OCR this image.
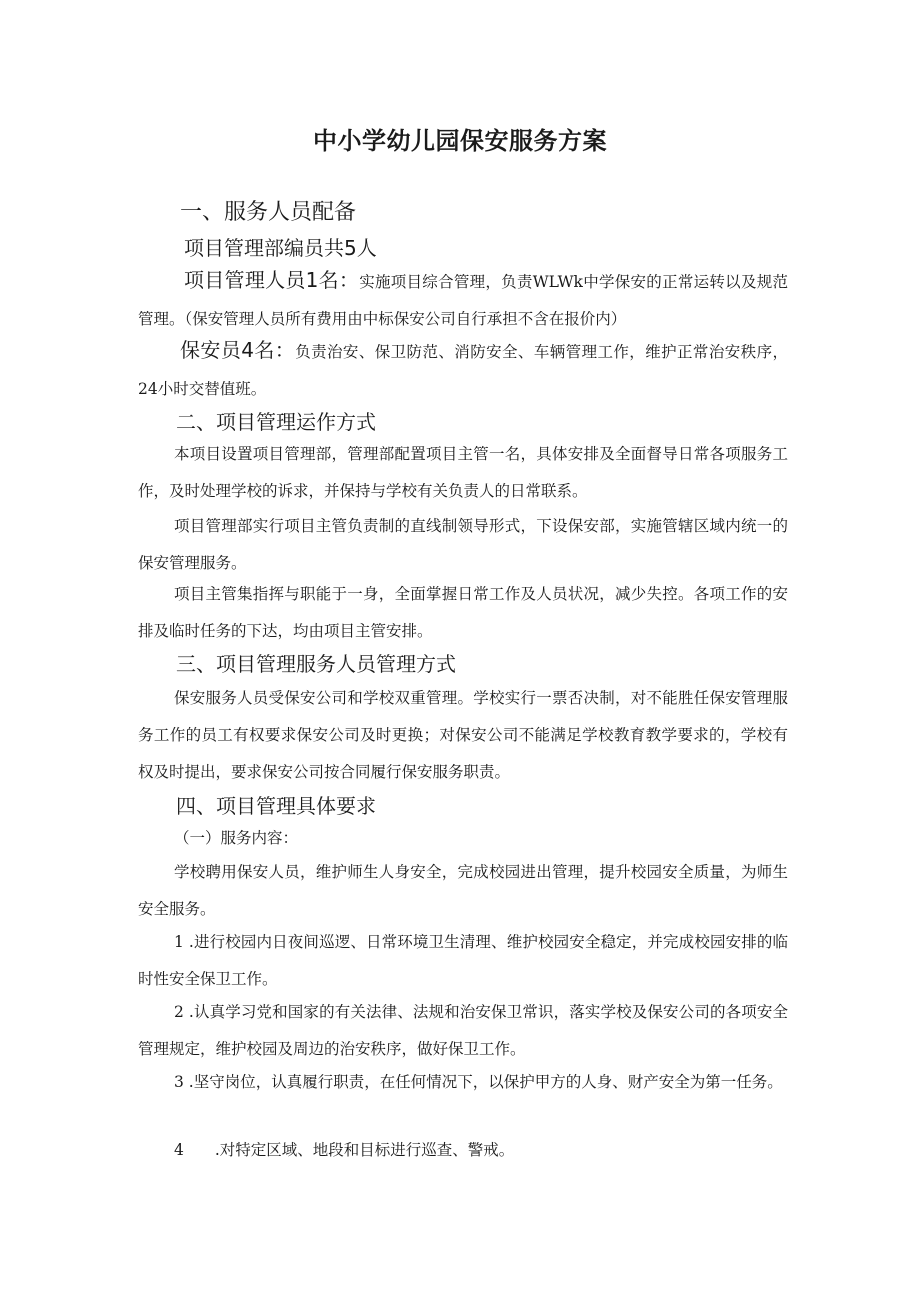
中小学幼儿园保安服务方案
一、服务人员配备
项目管理部编员共5人
项目管理人员1名：实施项目综合管理，负责WLWk中学保安的正常运转以及规范管理。（保安管理人员所有费用由中标保安公司自行承担不含在报价内）
保安员4名：负责治安、保卫防范、消防安全、车辆管理工作，维护正常治安秩序，24小时交替值班。
二、项目管理运作方式
本项目设置项目管理部，管理部配置项目主管一名，具体安排及全面督导日常各项服务工作，及时处理学校的诉求，并保持与学校有关负责人的日常联系。
项目管理部实行项目主管负责制的直线制领导形式，下设保安部，实施管辖区域内统一的保安管理服务。
项目主管集指挥与职能于一身，全面掌握日常工作及人员状况，减少失控。各项工作的安排及临时任务的下达，均由项目主管安排。
三、项目管理服务人员管理方式
保安服务人员受保安公司和学校双重管理。学校实行一票否决制，对不能胜任保安管理服务工作的员工有权要求保安公司及时更换；对保安公司不能满足学校教育教学要求的，学校有权及时提出，要求保安公司按合同履行保安服务职责。
四、项目管理具体要求
（一）服务内容：
学校聘用保安人员，维护师生人身安全，完成校园进出管理，提升校园安全质量，为师生安全服务。
1 .进行校园内日夜间巡逻、日常环境卫生清理、维护校园安全稳定，并完成校园安排的临时性安全保卫工作。
2 .认真学习党和国家的有关法律、法规和治安保卫常识，落实学校及保安公司的各项安全管理规定，维护校园及周边的治安秩序，做好保卫工作。
3 .坚守岗位，认真履行职责，在任何情况下，以保护甲方的人身、财产安全为第一任务。
4　　.对特定区域、地段和目标进行巡查、警戒。
